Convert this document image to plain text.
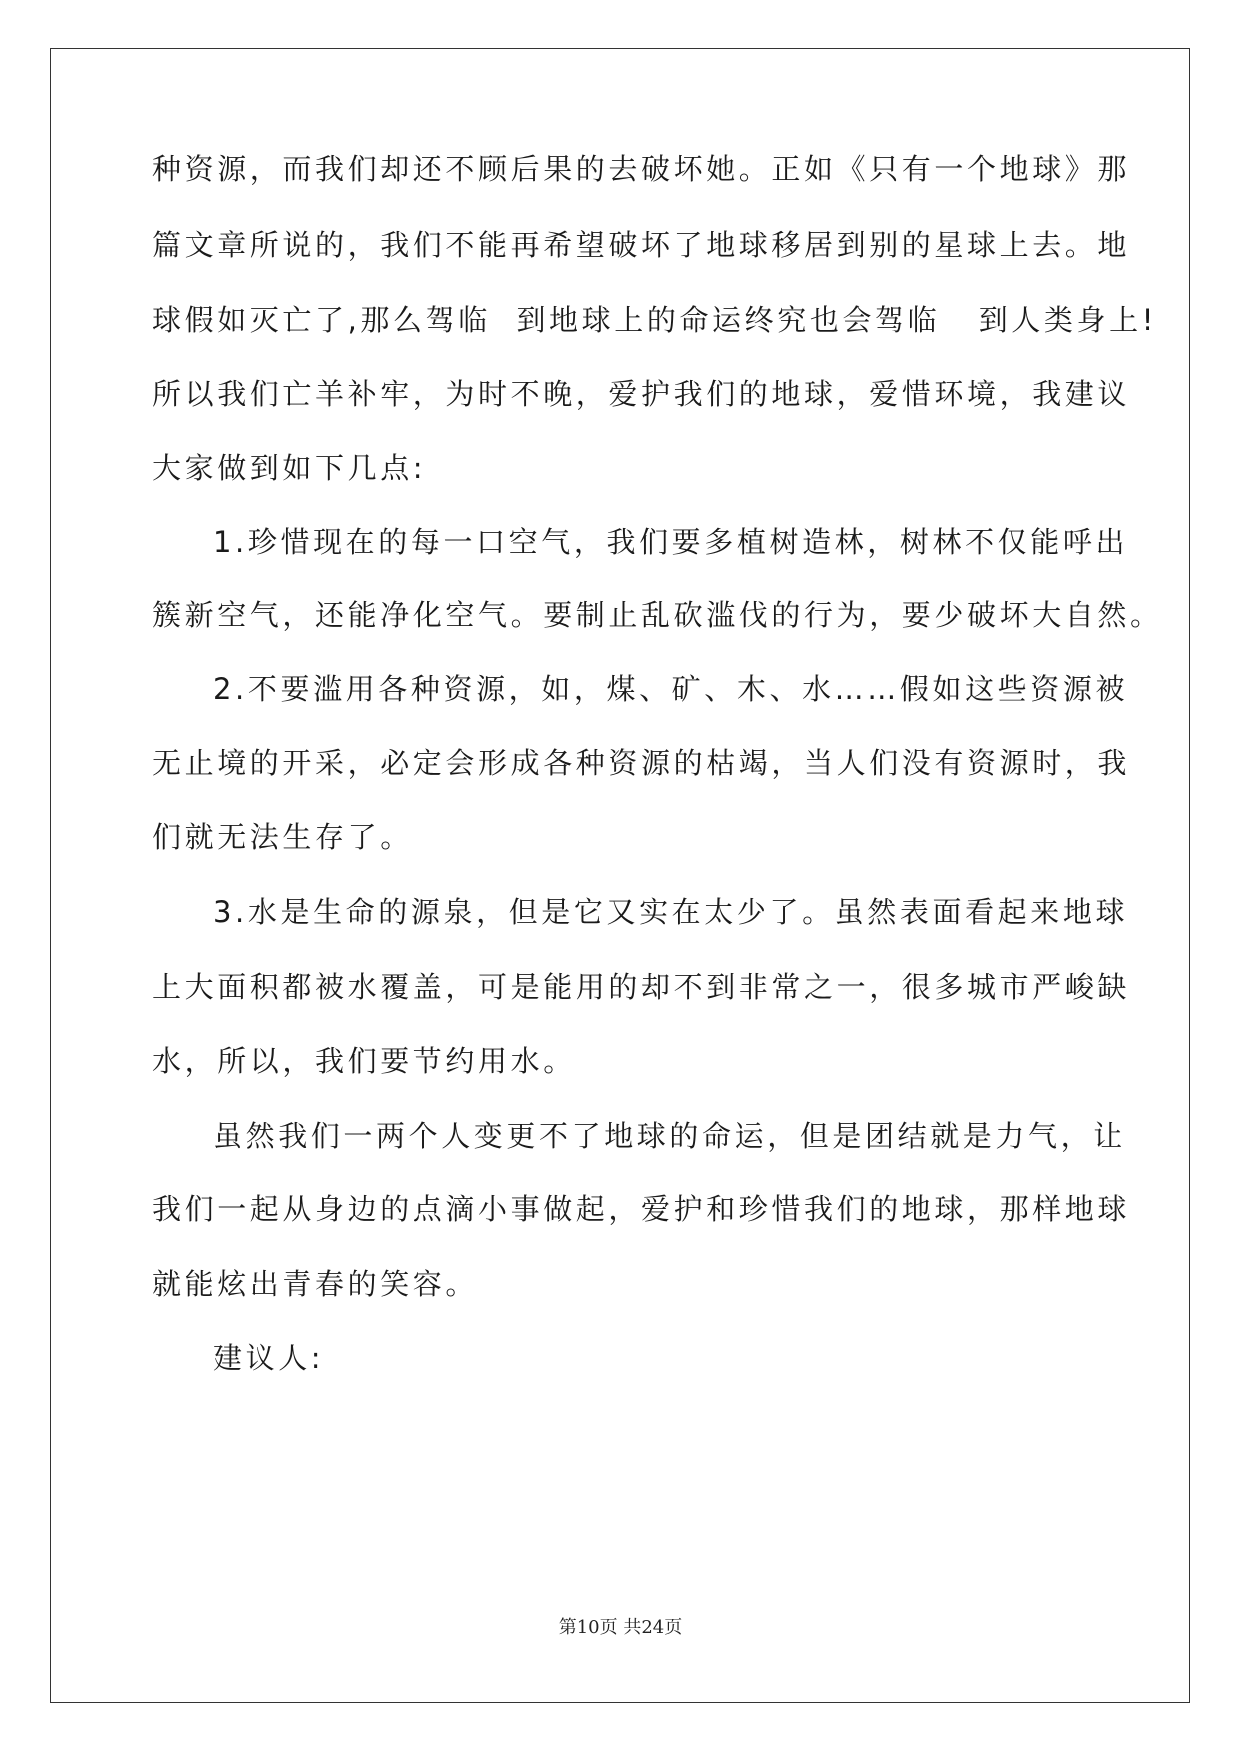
种资源，而我们却还不顾后果的去破坏她。正如《只有一个地球》那
篇文章所说的，我们不能再希望破坏了地球移居到别的星球上去。地
球假如灭亡了,那么驾临  到地球上的命运终究也会驾临   到人类身上!
所以我们亡羊补牢，为时不晚，爱护我们的地球，爱惜环境，我建议
大家做到如下几点:
1.珍惜现在的每一口空气，我们要多植树造林，树林不仅能呼出
簇新空气，还能净化空气。要制止乱砍滥伐的行为，要少破坏大自然。
2.不要滥用各种资源，如，煤、矿、木、水……假如这些资源被
无止境的开采，必定会形成各种资源的枯竭，当人们没有资源时，我
们就无法生存了。
3.水是生命的源泉，但是它又实在太少了。虽然表面看起来地球
上大面积都被水覆盖，可是能用的却不到非常之一，很多城市严峻缺
水，所以，我们要节约用水。
虽然我们一两个人变更不了地球的命运，但是团结就是力气，让
我们一起从身边的点滴小事做起，爱护和珍惜我们的地球，那样地球
就能炫出青春的笑容。
建议人:
第10页 共24页
